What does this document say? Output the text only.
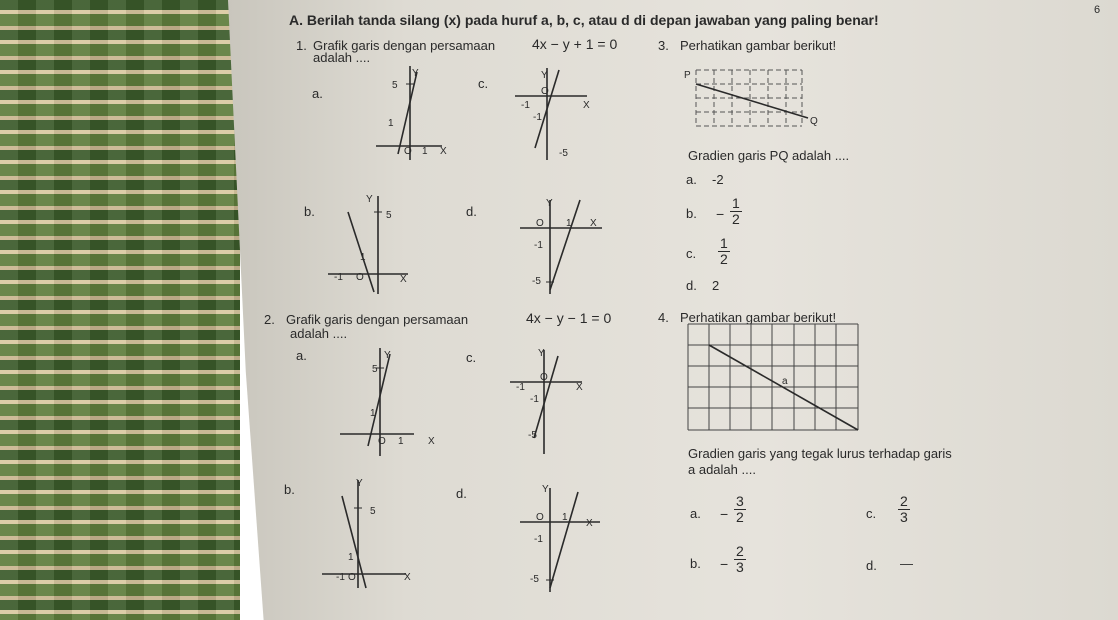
6
A. Berilah tanda silang (x) pada huruf a, b, c, atau d di depan jawaban yang paling benar!
1. Grafik garis dengan persamaan	4x − y + 1 = 0
adalah ....
a.
5
Y
1
O 1 X
c.
Y
-1
O
X
-1
-5
b.
Y
5
1
-1 O	X
d.
Y
O 1 X
-1
-5
3. Perhatikan gambar berikut!
P
Q
Gradien garis PQ adalah ....
a. -2
b. − $\frac{1}{2}$
c. $\frac{1}{2}$
d. 2
2. Grafik garis dengan persamaan	4x − y − 1 = 0
adalah ....
a.
5
Y
1
O 1 X
c.	Y
-1
O
X
-1
-5
b.	Y
5
1
-1 O	X
d.	Y
O 1
X
-1
-5
4. Perhatikan gambar berikut!
a
Gradien garis yang tegak lurus terhadap garis
a adalah ....
a. − $\frac{3}{2}$
b. − $\frac{2}{3}$
c. $\frac{2}{3}$
d. —
